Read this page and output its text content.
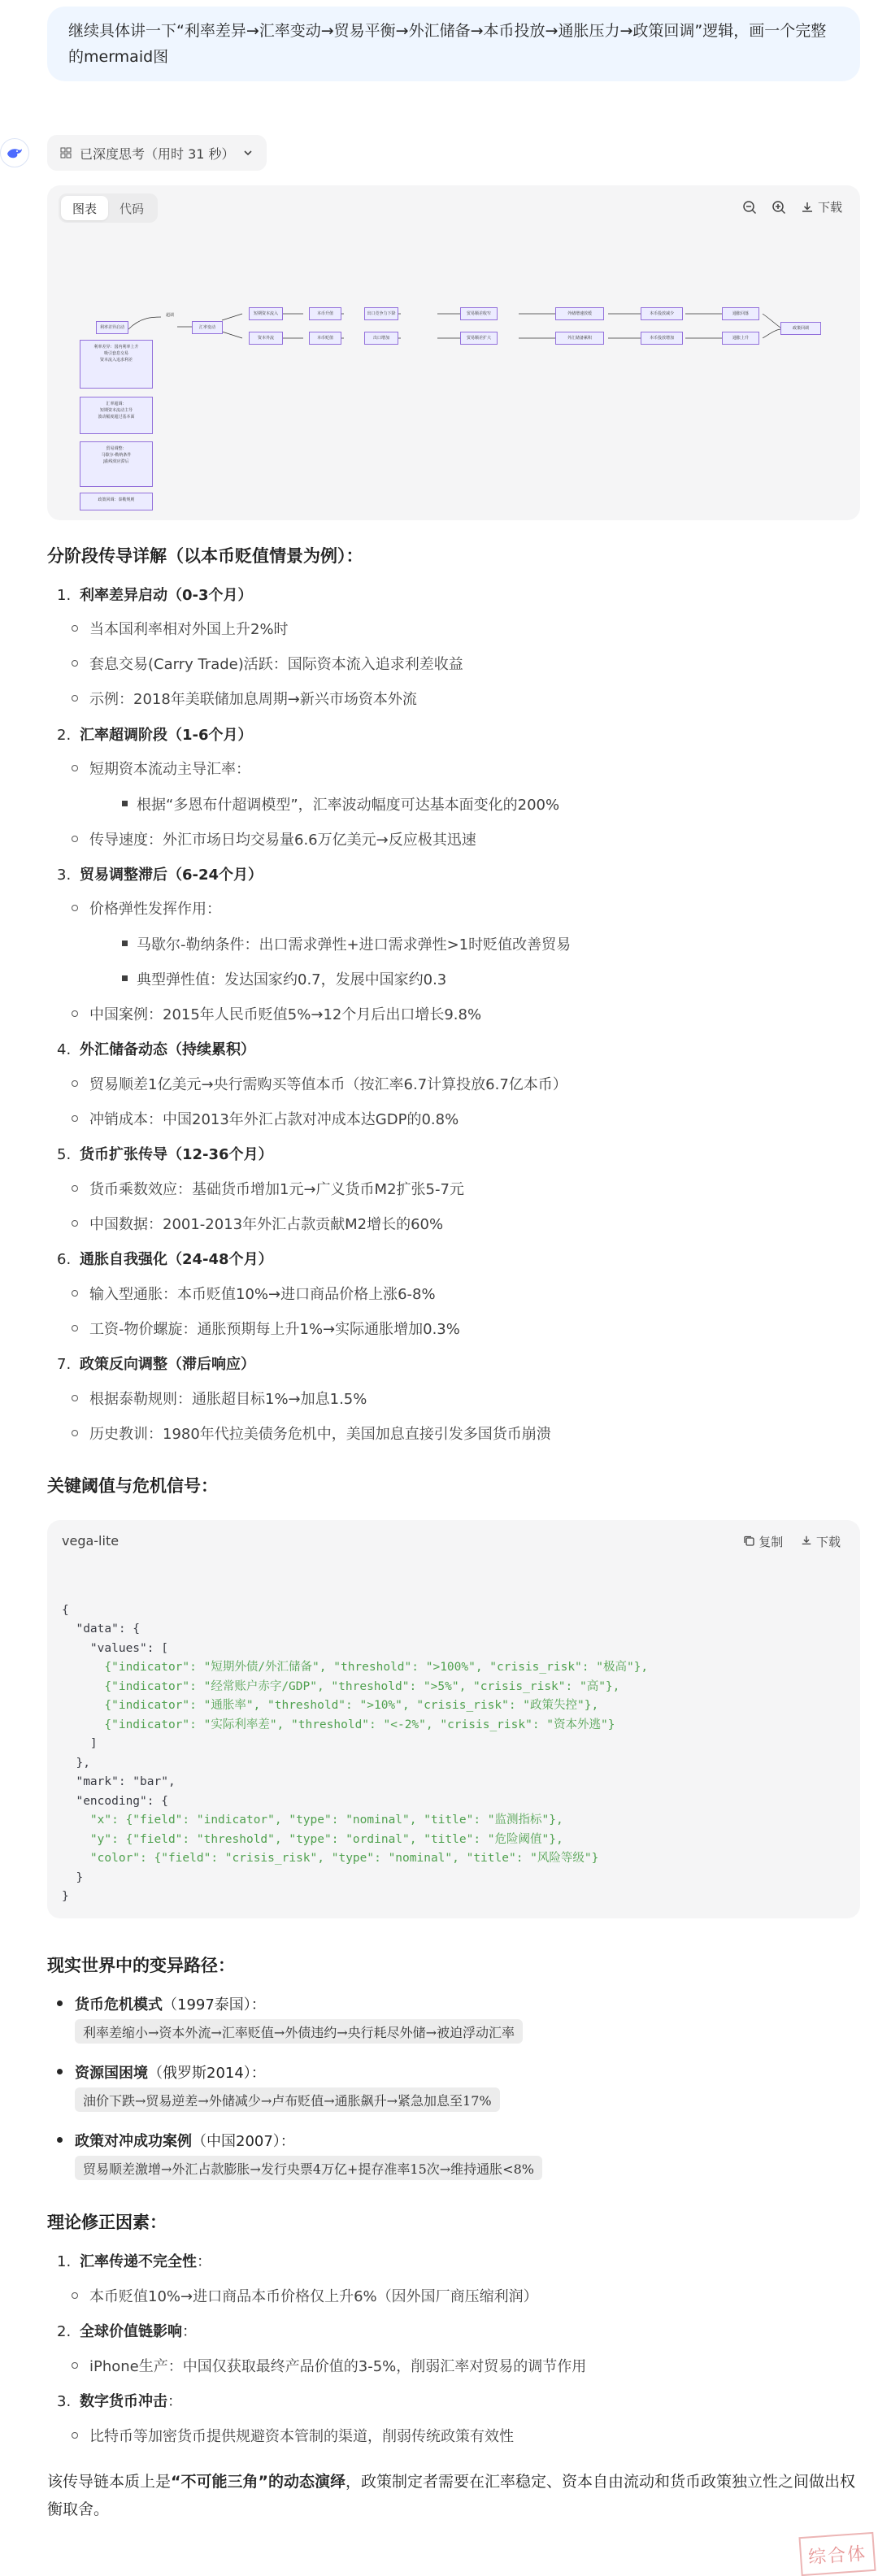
继续具体讲一下“利率差异→汇率变动→贸易平衡→外汇储备→本币投放→通胀压力→政策回调”逻辑，画一个完整的mermaid图
已深度思考（用时 31 秒）
图表	代码
	下载
利率差异启动
超调
汇率变动
短期资本流入	本币升值	出口竞争力下降	贸易顺差收窄	外储增速放缓	本币投放减少	通胀回落
资本外流	本币贬值	出口增加	贸易顺差扩大	外汇储备累积	本币投放增加	通胀上升
政策回调
利率差异：国内利率上升
吸引套息交易
资本流入追求利差
汇率超调：
短期资本流动主导
波动幅度超过基本面
贸易调整：
马歇尔-勒纳条件
J曲线效应滞后
政策回调：泰勒规则
分阶段传导详解（以本币贬值情景为例）：
1. 利率差异启动（0-3个月）
当本国利率相对外国上升2%时
套息交易(Carry Trade)活跃：国际资本流入追求利差收益
示例：2018年美联储加息周期→新兴市场资本外流
2. 汇率超调阶段（1-6个月）
短期资本流动主导汇率：
根据“多恩布什超调模型”，汇率波动幅度可达基本面变化的200%
传导速度：外汇市场日均交易量6.6万亿美元→反应极其迅速
3. 贸易调整滞后（6-24个月）
价格弹性发挥作用：
马歇尔-勒纳条件：出口需求弹性+进口需求弹性>1时贬值改善贸易
典型弹性值：发达国家约0.7，发展中国家约0.3
中国案例：2015年人民币贬值5%→12个月后出口增长9.8%
4. 外汇储备动态（持续累积）
贸易顺差1亿美元→央行需购买等值本币（按汇率6.7计算投放6.7亿本币）
冲销成本：中国2013年外汇占款对冲成本达GDP的0.8%
5. 货币扩张传导（12-36个月）
货币乘数效应：基础货币增加1元→广义货币M2扩张5-7元
中国数据：2001-2013年外汇占款贡献M2增长的60%
6. 通胀自我强化（24-48个月）
输入型通胀：本币贬值10%→进口商品价格上涨6-8%
工资-物价螺旋：通胀预期每上升1%→实际通胀增加0.3%
7. 政策反向调整（滞后响应）
根据泰勒规则：通胀超目标1%→加息1.5%
历史教训：1980年代拉美债务危机中，美国加息直接引发多国货币崩溃
关键阈值与危机信号：
vega-lite	复制	下载

{
"data": {
"values": [
{"indicator": "短期外债/外汇储备", "threshold": ">100%", "crisis_risk": "极高"},
{"indicator": "经常账户赤字/GDP", "threshold": ">5%", "crisis_risk": "高"},
{"indicator": "通胀率", "threshold": ">10%", "crisis_risk": "政策失控"},
{"indicator": "实际利率差", "threshold": "<-2%", "crisis_risk": "资本外逃"}
]
},
"mark": "bar",
"encoding": {
"x": {"field": "indicator", "type": "nominal", "title": "监测指标"},
"y": {"field": "threshold", "type": "ordinal", "title": "危险阈值"},
"color": {"field": "crisis_risk", "type": "nominal", "title": "风险等级"}
}
}

现实世界中的变异路径：
货币危机模式（1997泰国）：
利率差缩小→资本外流→汇率贬值→外债违约→央行耗尽外储→被迫浮动汇率
资源国困境（俄罗斯2014）：
油价下跌→贸易逆差→外储减少→卢布贬值→通胀飙升→紧急加息至17%
政策对冲成功案例（中国2007）：
贸易顺差激增→外汇占款膨胀→发行央票4万亿+提存准率15次→维持通胀<8%
理论修正因素：
1. 汇率传递不完全性：
本币贬值10%→进口商品本币价格仅上升6%（因外国厂商压缩利润）
2. 全球价值链影响：
iPhone生产：中国仅获取最终产品价值的3-5%，削弱汇率对贸易的调节作用
3. 数字货币冲击：
比特币等加密货币提供规避资本管制的渠道，削弱传统政策有效性
该传导链本质上是“不可能三角”的动态演绎，政策制定者需要在汇率稳定、资本自由流动和货币政策独立性之间做出权衡取舍。
综合体
